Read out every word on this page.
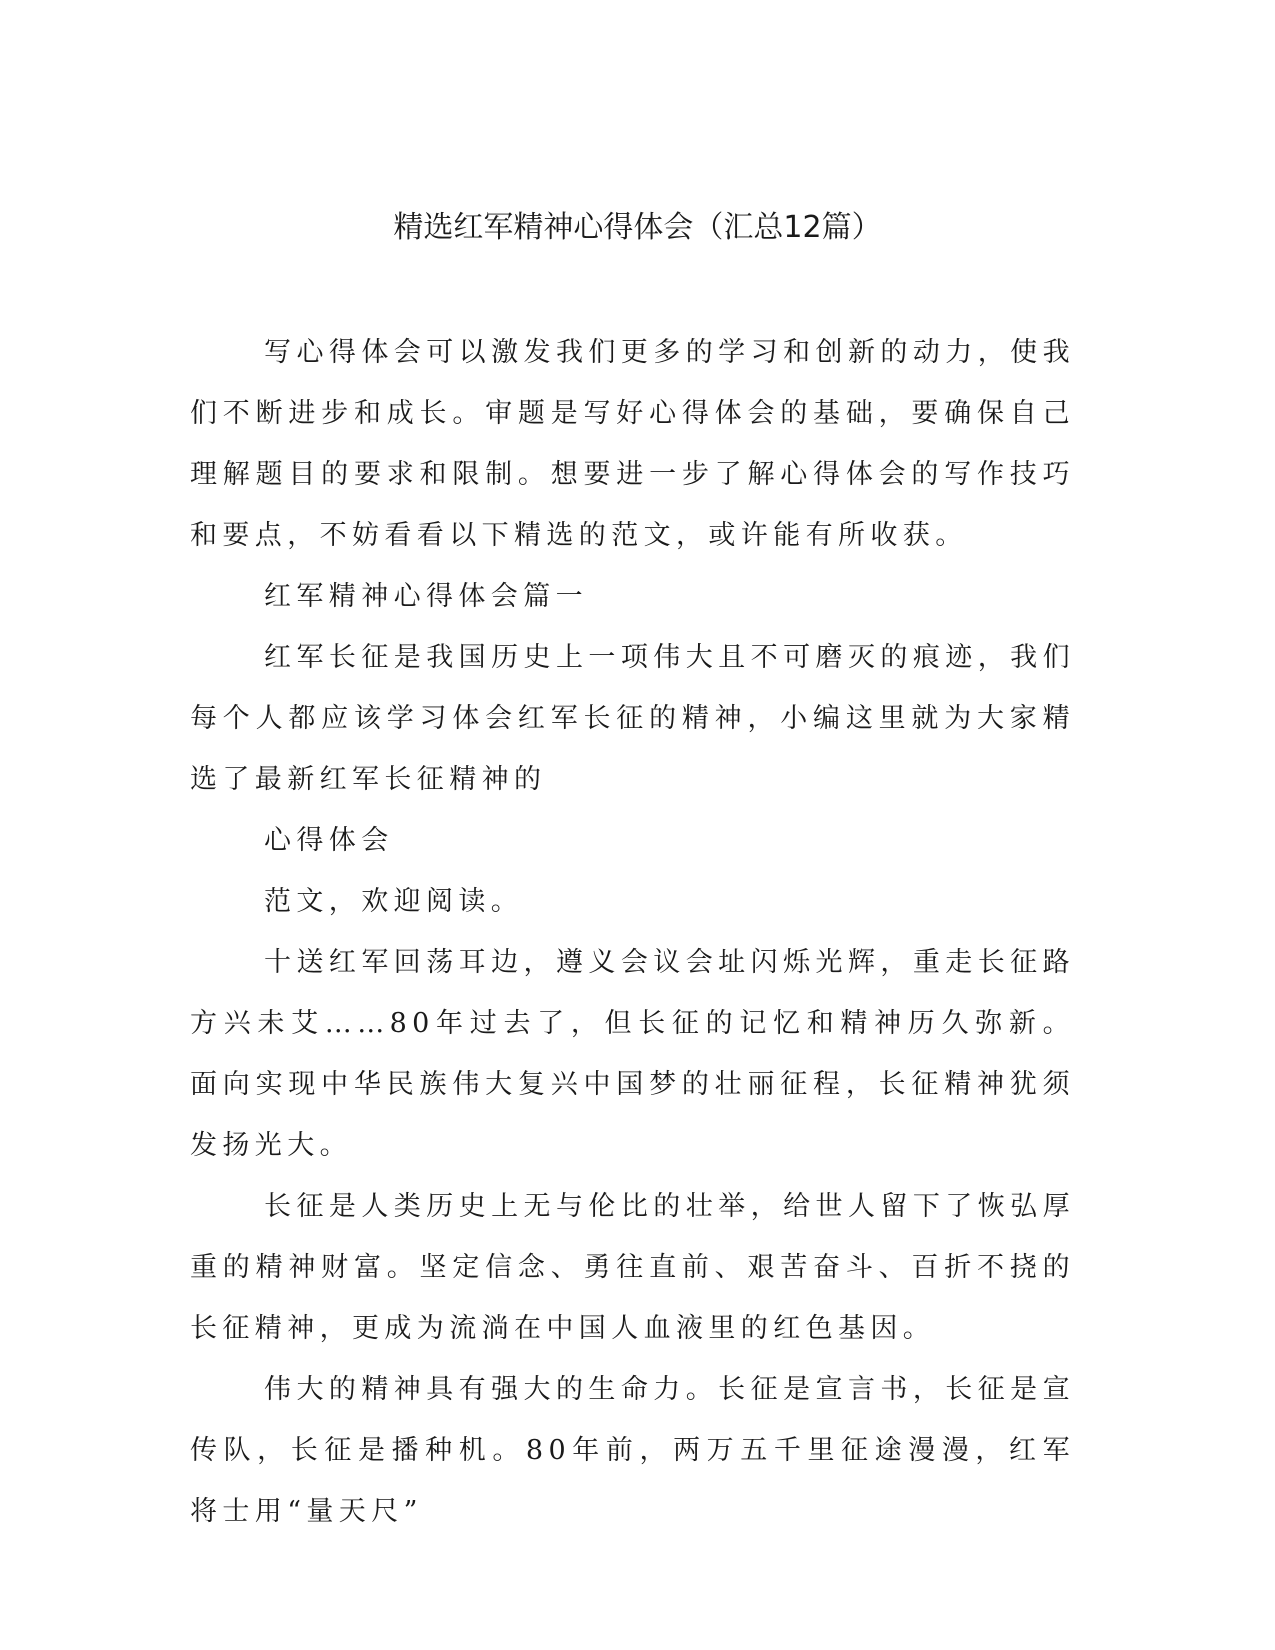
精选红军精神心得体会（汇总12篇）

写心得体会可以激发我们更多的学习和创新的动力，使我们不断进步和成长。审题是写好心得体会的基础，要确保自己理解题目的要求和限制。想要进一步了解心得体会的写作技巧和要点，不妨看看以下精选的范文，或许能有所收获。

红军精神心得体会篇一

红军长征是我国历史上一项伟大且不可磨灭的痕迹，我们每个人都应该学习体会红军长征的精神，小编这里就为大家精选了最新红军长征精神的

心得体会

范文，欢迎阅读。

十送红军回荡耳边，遵义会议会址闪烁光辉，重走长征路方兴未艾……80年过去了，但长征的记忆和精神历久弥新。面向实现中华民族伟大复兴中国梦的壮丽征程，长征精神犹须发扬光大。

长征是人类历史上无与伦比的壮举，给世人留下了恢弘厚重的精神财富。坚定信念、勇往直前、艰苦奋斗、百折不挠的长征精神，更成为流淌在中国人血液里的红色基因。

伟大的精神具有强大的生命力。长征是宣言书，长征是宣传队，长征是播种机。80年前，两万五千里征途漫漫，红军将士用“量天尺”
